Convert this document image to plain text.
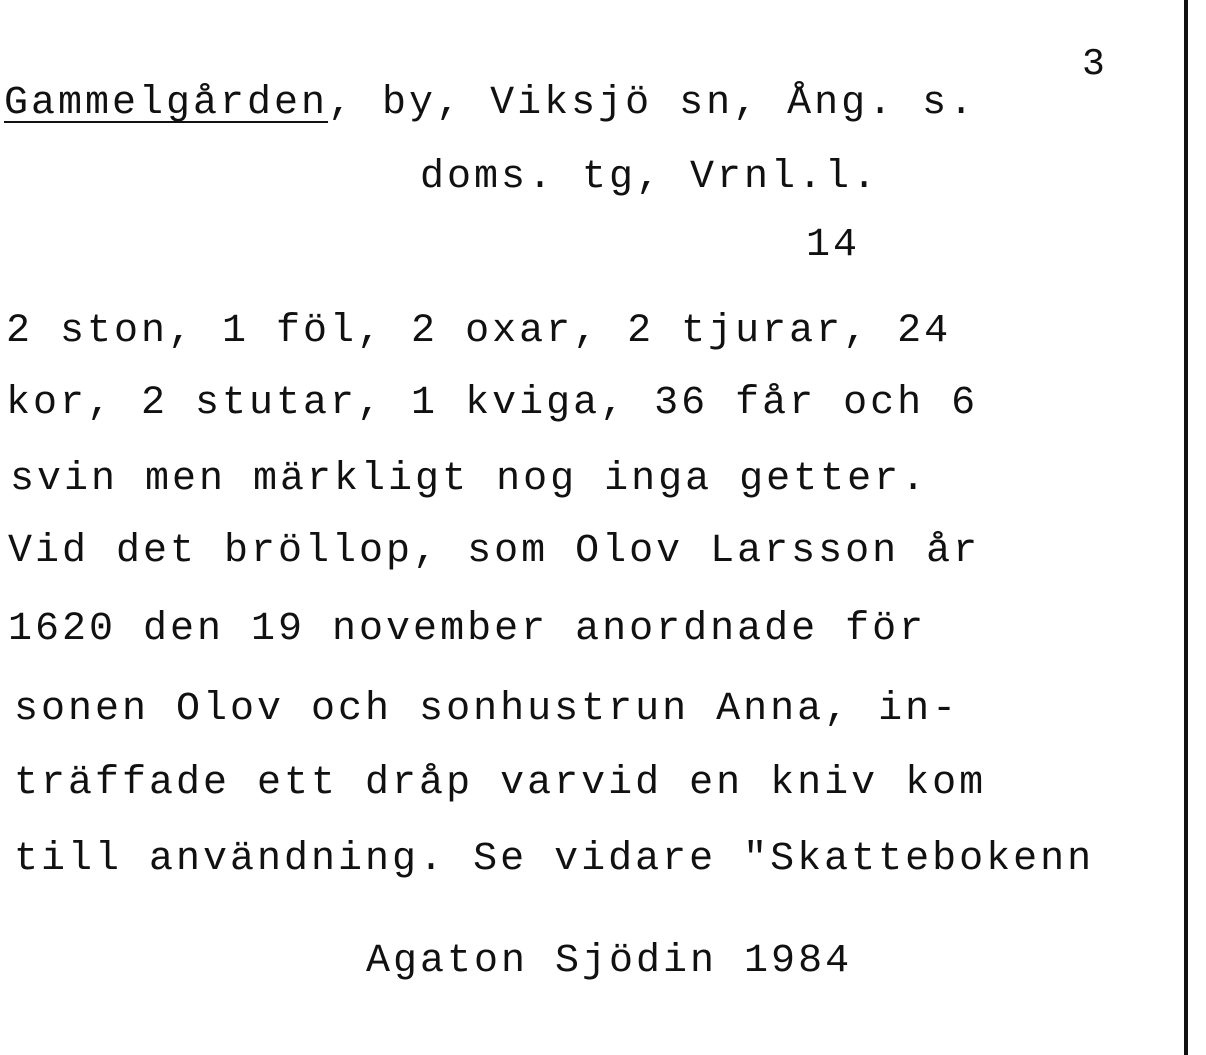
3
Gammelgården, by, Viksjö sn, Ång. s.
doms. tg, Vrnl.l.
14
2 ston, 1 föl, 2 oxar, 2 tjurar, 24
kor, 2 stutar, 1 kviga, 36 får och 6
svin men märkligt nog inga getter.
Vid det bröllop, som Olov Larsson år
1620 den 19 november anordnade för
sonen Olov och sonhustrun Anna, in-
träffade ett dråp varvid en kniv kom
till användning. Se vidare "Skattebokenn
Agaton Sjödin 1984
